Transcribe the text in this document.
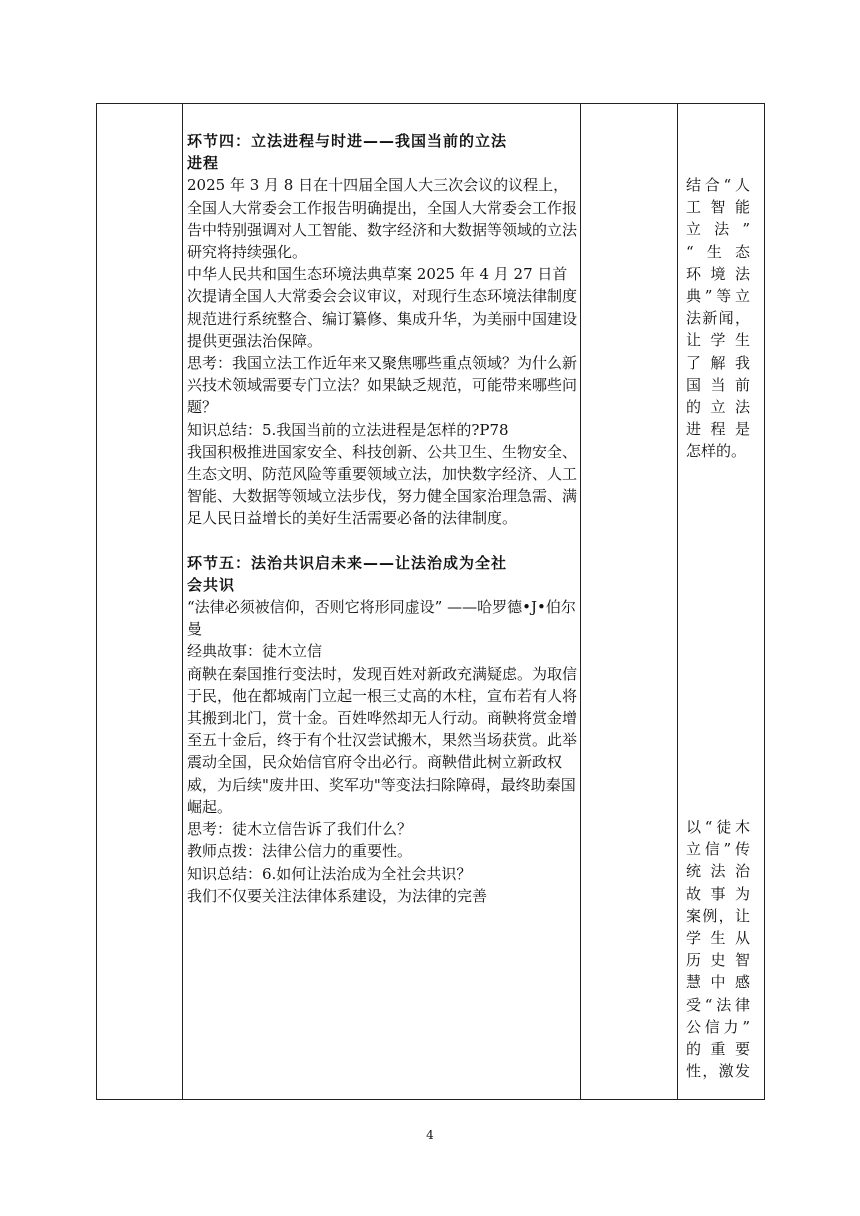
环节四：立法进程与时进——我国当前的立法

进程

2025 年 3 月 8 日在十四届全国人大三次会议的议程上，全国人大常委会工作报告明确提出，全国人大常委会工作报告中特别强调对人工智能、数字经济和大数据等领域的立法研究将持续强化。

中华人民共和国生态环境法典草案 2025 年 4 月 27 日首次提请全国人大常委会会议审议，对现行生态环境法律制度规范进行系统整合、编订纂修、集成升华，为美丽中国建设提供更强法治保障。

思考：我国立法工作近年来又聚焦哪些重点领域？为什么新兴技术领域需要专门立法？如果缺乏规范，可能带来哪些问题？

知识总结：5.我国当前的立法进程是怎样的?P78

我国积极推进国家安全、科技创新、公共卫生、生物安全、生态文明、防范风险等重要领域立法，加快数字经济、人工智能、大数据等领域立法步伐，努力健全国家治理急需、满足人民日益增长的美好生活需要必备的法律制度。

环节五：法治共识启未来——让法治成为全社

会共识

“法律必须被信仰，否则它将形同虚设” ——哈罗德•J•伯尔曼

经典故事：徒木立信

商鞅在秦国推行变法时，发现百姓对新政充满疑虑。为取信于民，他在都城南门立起一根三丈高的木柱，宣布若有人将其搬到北门，赏十金。百姓哗然却无人行动。商鞅将赏金增至五十金后，终于有个壮汉尝试搬木，果然当场获赏。此举震动全国，民众始信官府令出必行。商鞅借此树立新政权威，为后续"废井田、奖军功"等变法扫除障碍，最终助秦国崛起。

思考：徒木立信告诉了我们什么？

教师点拨：法律公信力的重要性。

知识总结：6.如何让法治成为全社会共识？

我们不仅要关注法律体系建设，为法律的完善

结合“人

工智能

立法”

“生态

环境法

典”等立

法新闻，

让学生

了解我

国当前

的立法

进程是

怎样的。

以“徒木

立信”传

统法治

故事为

案例，让

学生从

历史智

慧中感

受“法律

公信力”

的重要

性，激发

4
